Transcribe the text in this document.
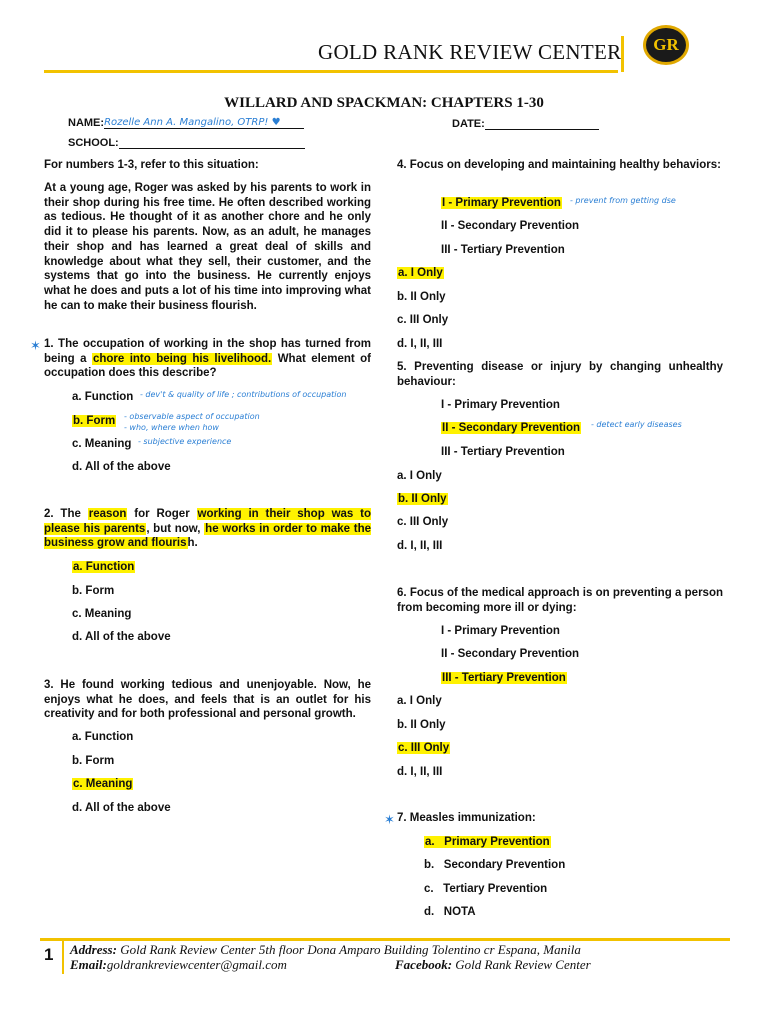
GOLD RANK REVIEW CENTER	GR
WILLARD AND SPACKMAN: CHAPTERS 1-30
NAME:Rozelle Ann A. Mangalino, OTRP! ♥	DATE:
SCHOOL:
For numbers 1-3, refer to this situation:
At a young age, Roger was asked by his parents to work in their shop during his free time. He often described working as tedious. He thought of it as another chore and he only did it to please his parents. Now, as an adult, he manages their shop and has learned a great deal of skills and knowledge about what they sell, their customer, and the systems that go into the business. He currently enjoys what he does and puts a lot of his time into improving what he can to make their business flourish.
✶ 1. The occupation of working in the shop has turned from being a chore into being his livelihood. What element of occupation does this describe?
a. Function - dev't & quality of life ; contributions of occupation
b. Form - observable aspect of occupation
- who, where when how
c. Meaning - subjective experience
d. All of the above
2. The reason for Roger working in their shop was to please his parents, but now, he works in order to make the business grow and flourish.
a. Function
b. Form
c. Meaning
d. All of the above
3. He found working tedious and unenjoyable. Now, he enjoys what he does, and feels that is an outlet for his creativity and for both professional and personal growth.
a. Function
b. Form
c. Meaning
d. All of the above
4. Focus on developing and maintaining healthy behaviors:
I - Primary Prevention - prevent from getting dse
II - Secondary Prevention
III - Tertiary Prevention
a. I Only
b. II Only
c. III Only
d. I, II, III
5. Preventing disease or injury by changing unhealthy behaviour:
I - Primary Prevention
II - Secondary Prevention - detect early diseases
III - Tertiary Prevention
a. I Only
b. II Only
c. III Only
d. I, II, III
6. Focus of the medical approach is on preventing a person from becoming more ill or dying:
I - Primary Prevention
II - Secondary Prevention
III - Tertiary Prevention
a. I Only
b. II Only
c. III Only
d. I, II, III
✶ 7. Measles immunization:
a.   Primary Prevention
b.   Secondary Prevention
c.   Tertiary Prevention
d.   NOTA
1 Address: Gold Rank Review Center 5th floor Dona Amparo Building Tolentino cr Espana, Manila
Email:goldrankreviewcenter@gmail.com	Facebook: Gold Rank Review Center
